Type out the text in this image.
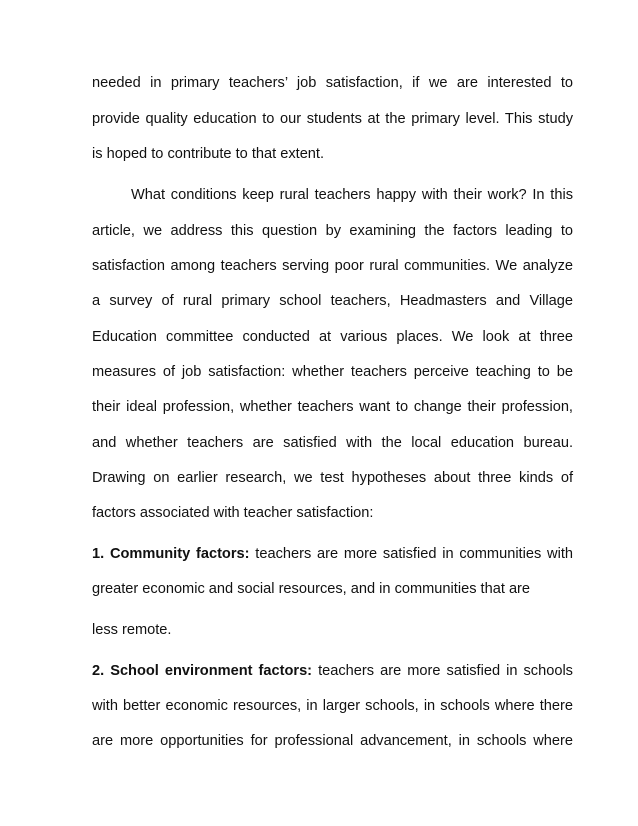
needed in primary teachers’ job satisfaction, if we are interested to
provide quality education to our students at the primary level. This study
is hoped to contribute to that extent.
What conditions keep rural teachers happy with their work? In this
article, we address this question by examining the factors leading to
satisfaction among teachers serving poor rural communities. We analyze
a survey of rural primary school teachers, Headmasters and Village
Education committee conducted at various places. We look at three
measures of job satisfaction: whether teachers perceive teaching to be
their ideal profession, whether teachers want to change their profession,
and whether teachers are satisfied with the local education bureau.
Drawing on earlier research, we test hypotheses about three kinds of
factors associated with teacher satisfaction:
1. Community factors: teachers are more satisfied in communities with
greater economic and social resources, and in communities that are
less remote.
2. School environment factors: teachers are more satisfied in schools
with better economic resources, in larger schools, in schools where there
are more opportunities for professional advancement, in schools where
